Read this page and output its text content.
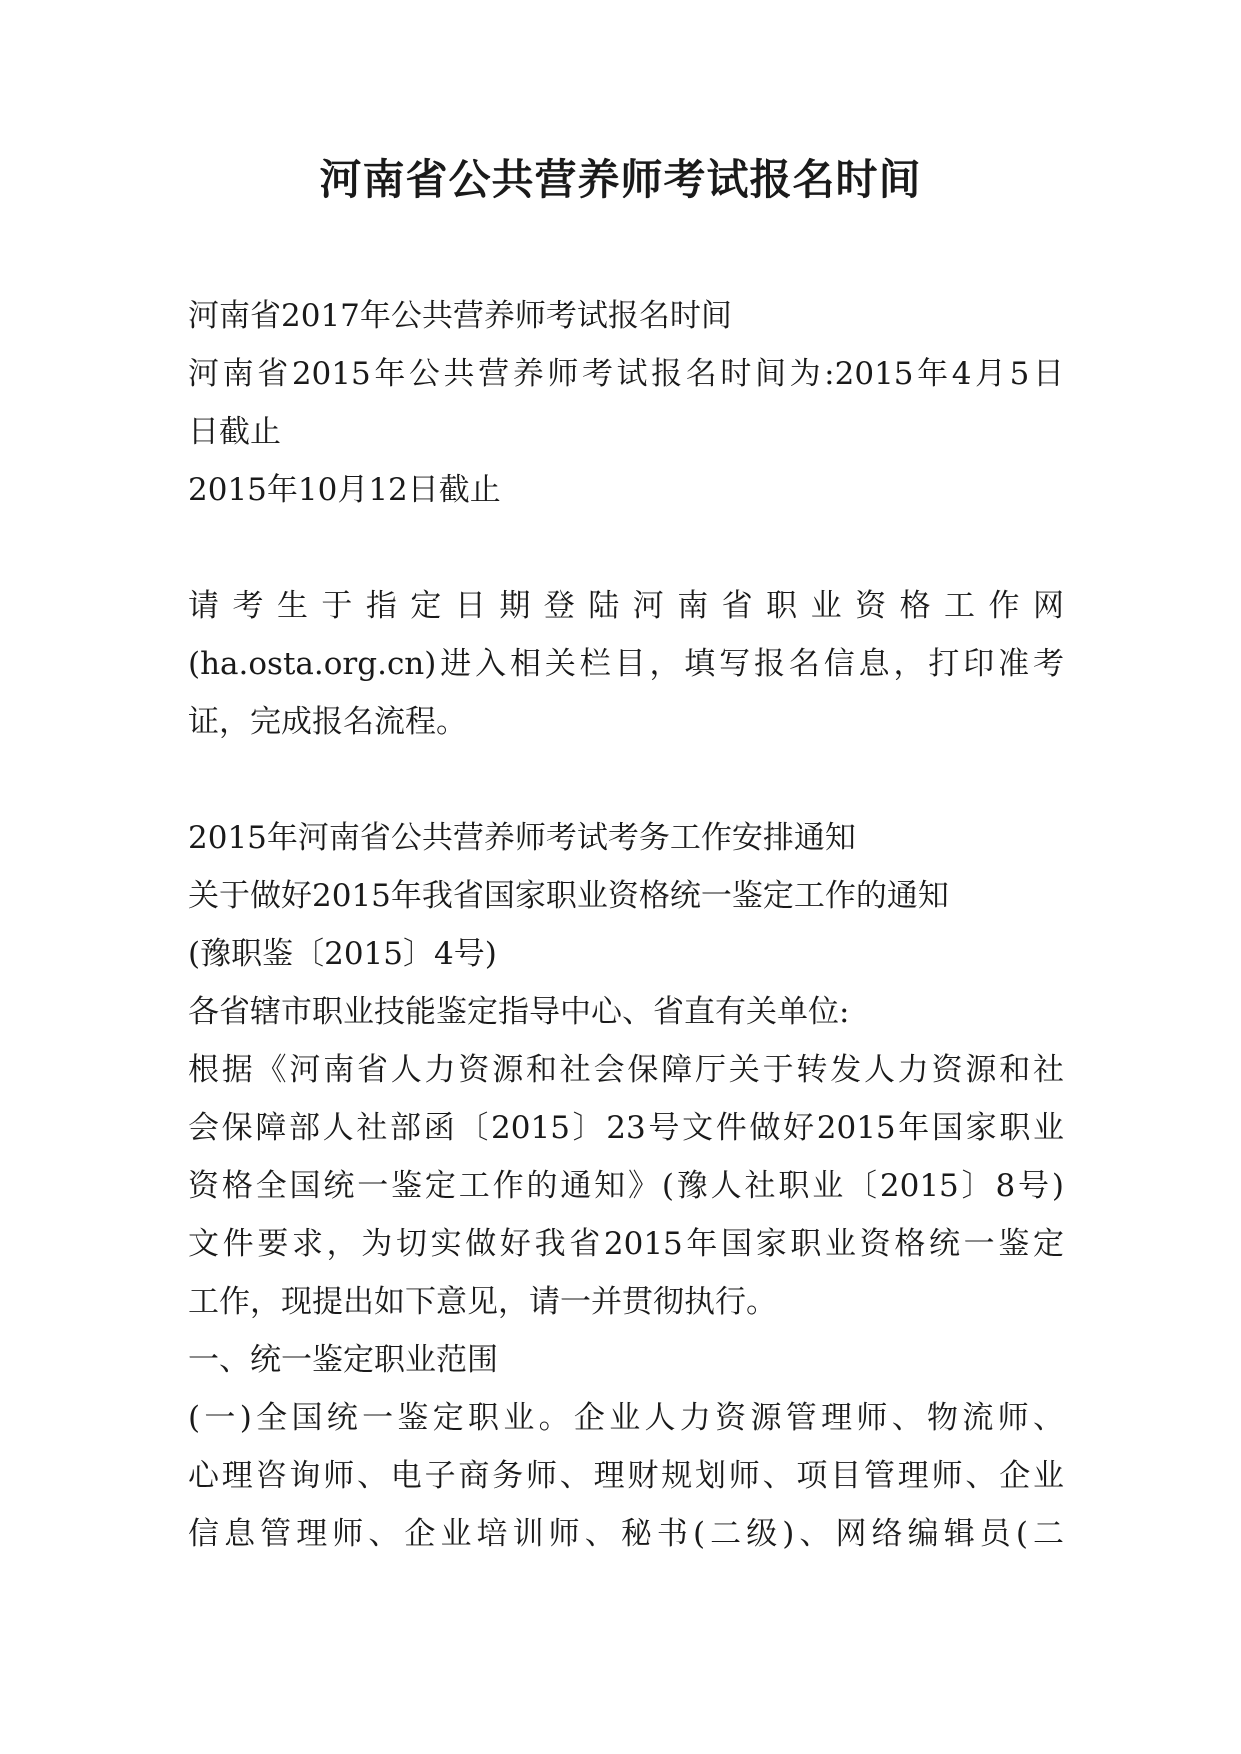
河南省公共营养师考试报名时间

河南省2017年公共营养师考试报名时间

河南省2015年公共营养师考试报名时间为:2015年4月5日

日截止

2015年10月12日截止

请考生于指定日期登陆河南省职业资格工作网

(ha.osta.org.cn)进入相关栏目，填写报名信息，打印准考

证，完成报名流程。

2015年河南省公共营养师考试考务工作安排通知

关于做好2015年我省国家职业资格统一鉴定工作的通知

(豫职鉴〔2015〕4号)

各省辖市职业技能鉴定指导中心、省直有关单位:

根据《河南省人力资源和社会保障厅关于转发人力资源和社

会保障部人社部函〔2015〕23号文件做好2015年国家职业

资格全国统一鉴定工作的通知》(豫人社职业〔2015〕8号)

文件要求，为切实做好我省2015年国家职业资格统一鉴定

工作，现提出如下意见，请一并贯彻执行。

一、统一鉴定职业范围

(一)全国统一鉴定职业。企业人力资源管理师、物流师、

心理咨询师、电子商务师、理财规划师、项目管理师、企业

信息管理师、企业培训师、秘书(二级)、网络编辑员(二
